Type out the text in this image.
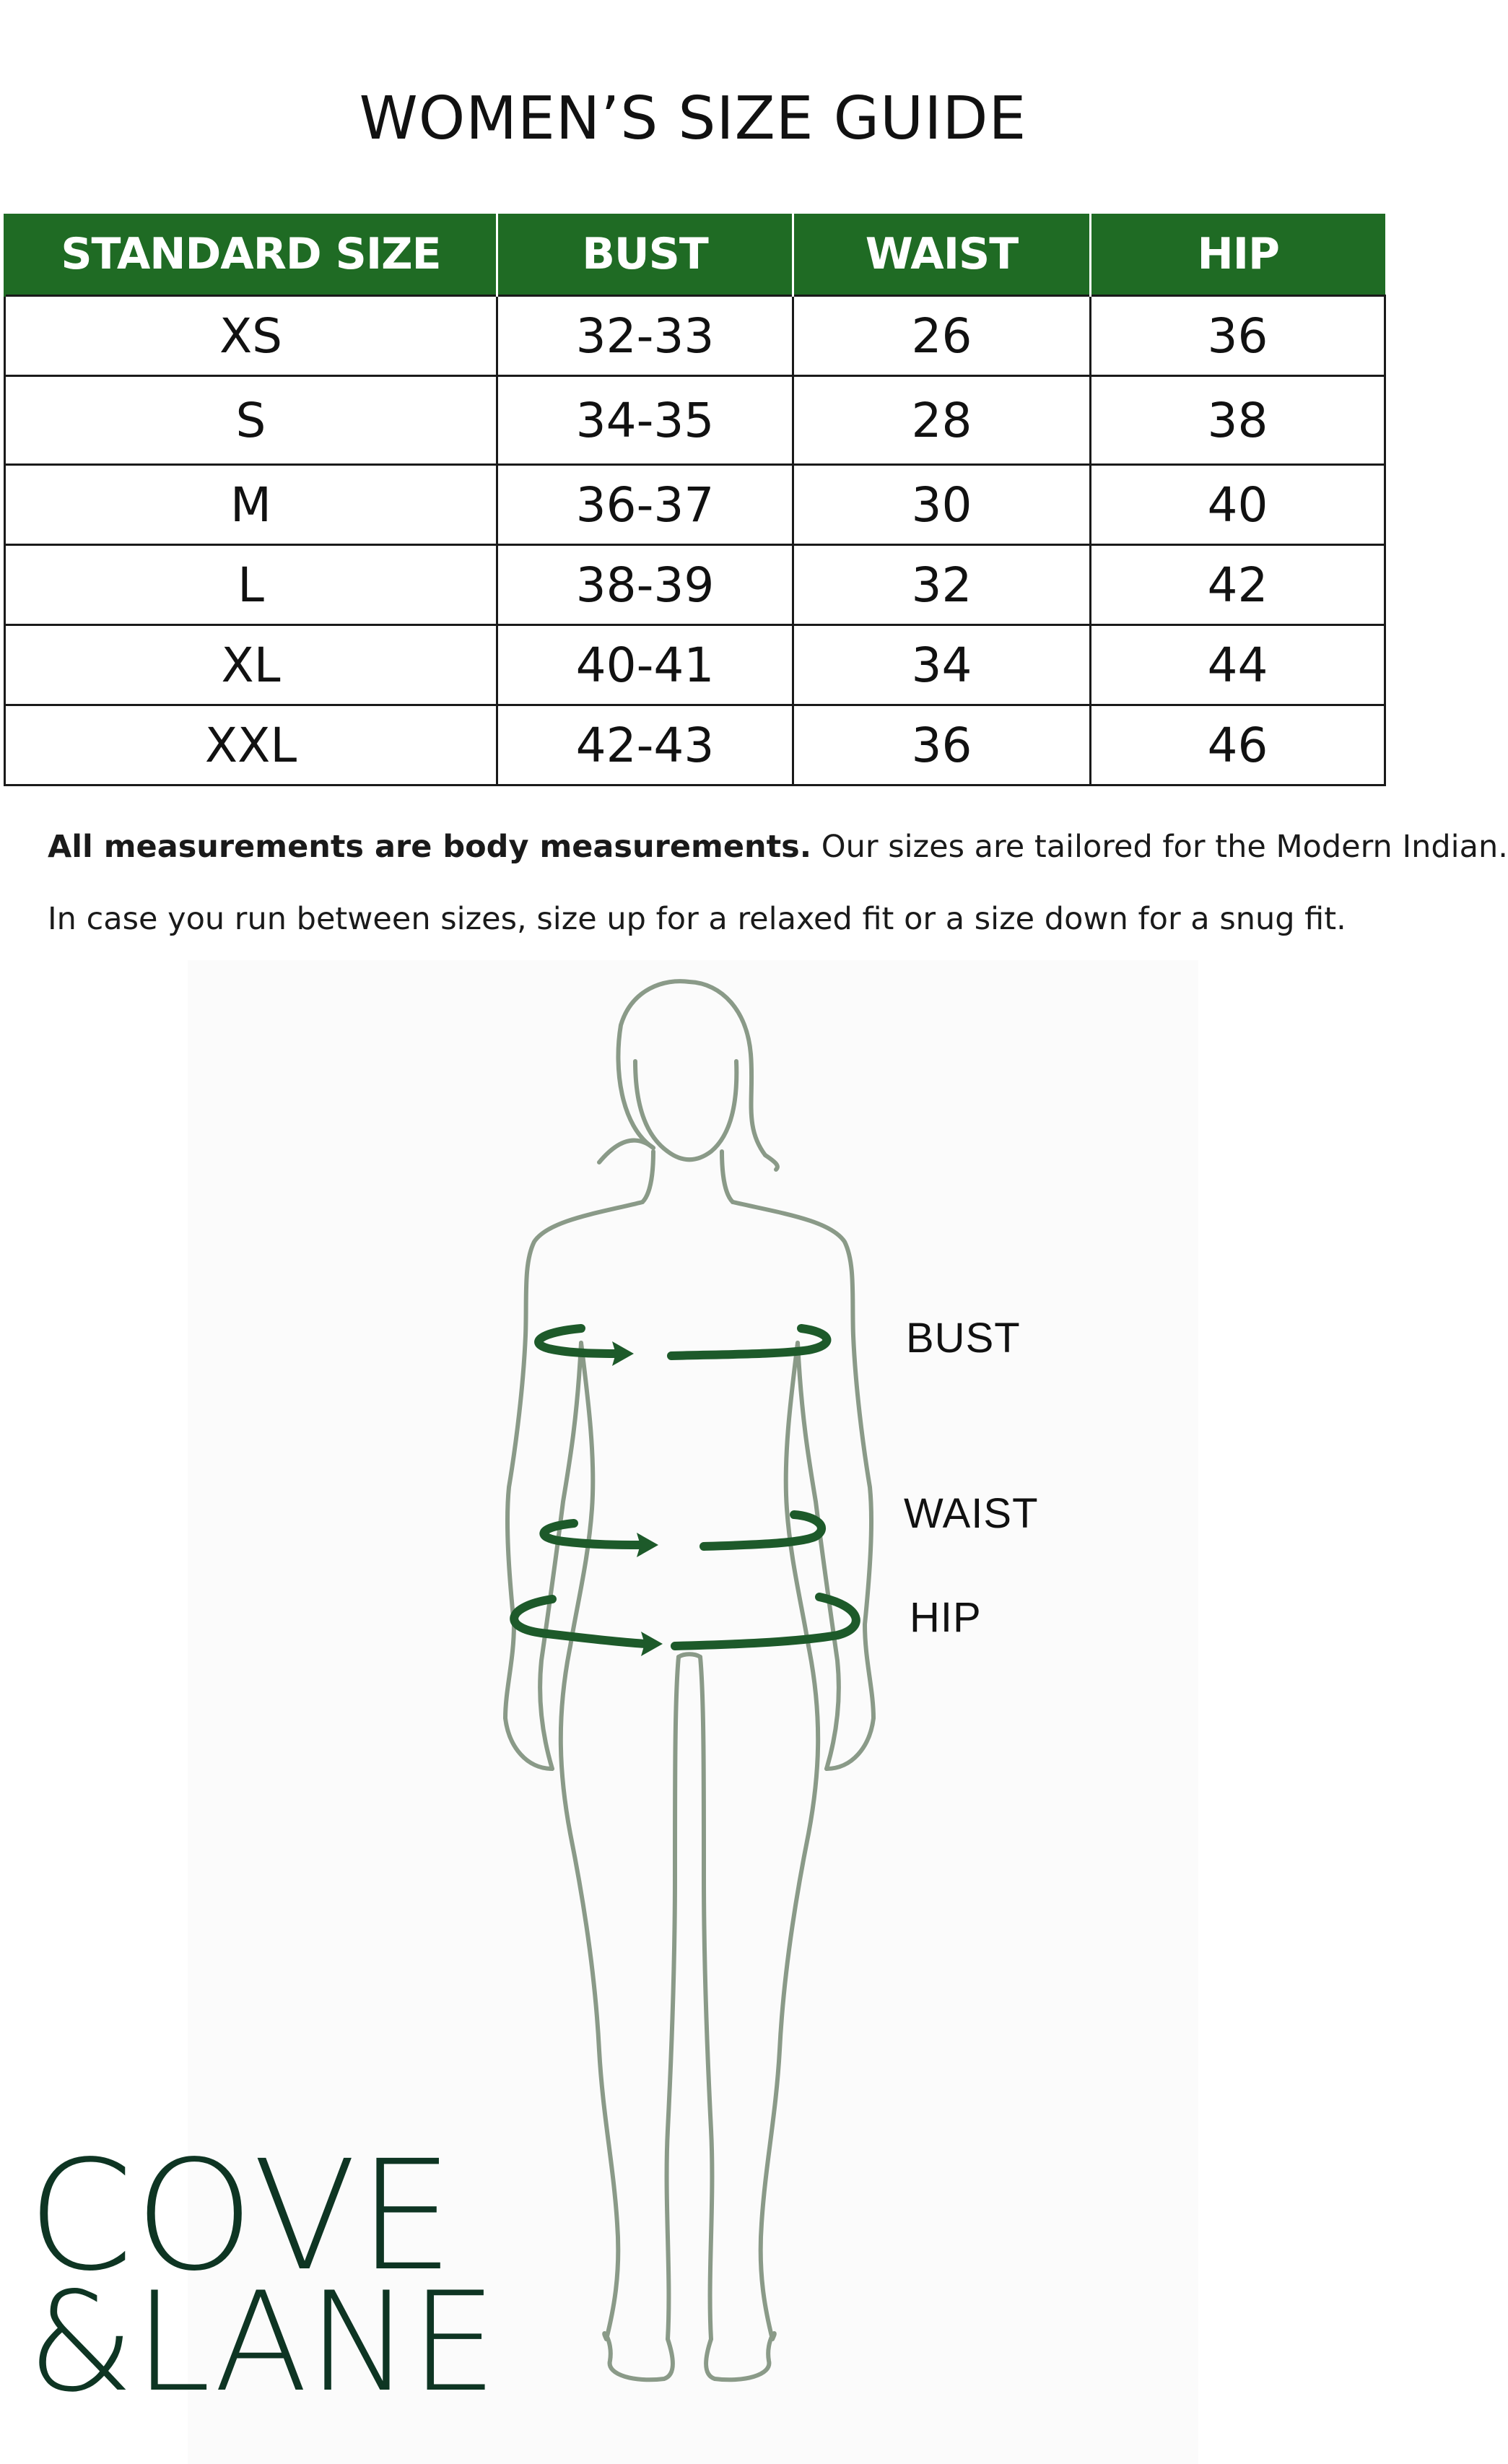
WOMEN’S SIZE GUIDE
STANDARD SIZE	BUST	WAIST	HIP
XS	32-33	26	36
S	34-35	28	38
M	36-37	30	40
L	38-39	32	42
XL	40-41	34	44
XXL	42-43	36	46
All measurements are body measurements. Our sizes are tailored for the Modern Indian.
In case you run between sizes, size up for a relaxed fit or a size down for a snug fit.
BUST
WAIST
HIP
COVE
&LANE
